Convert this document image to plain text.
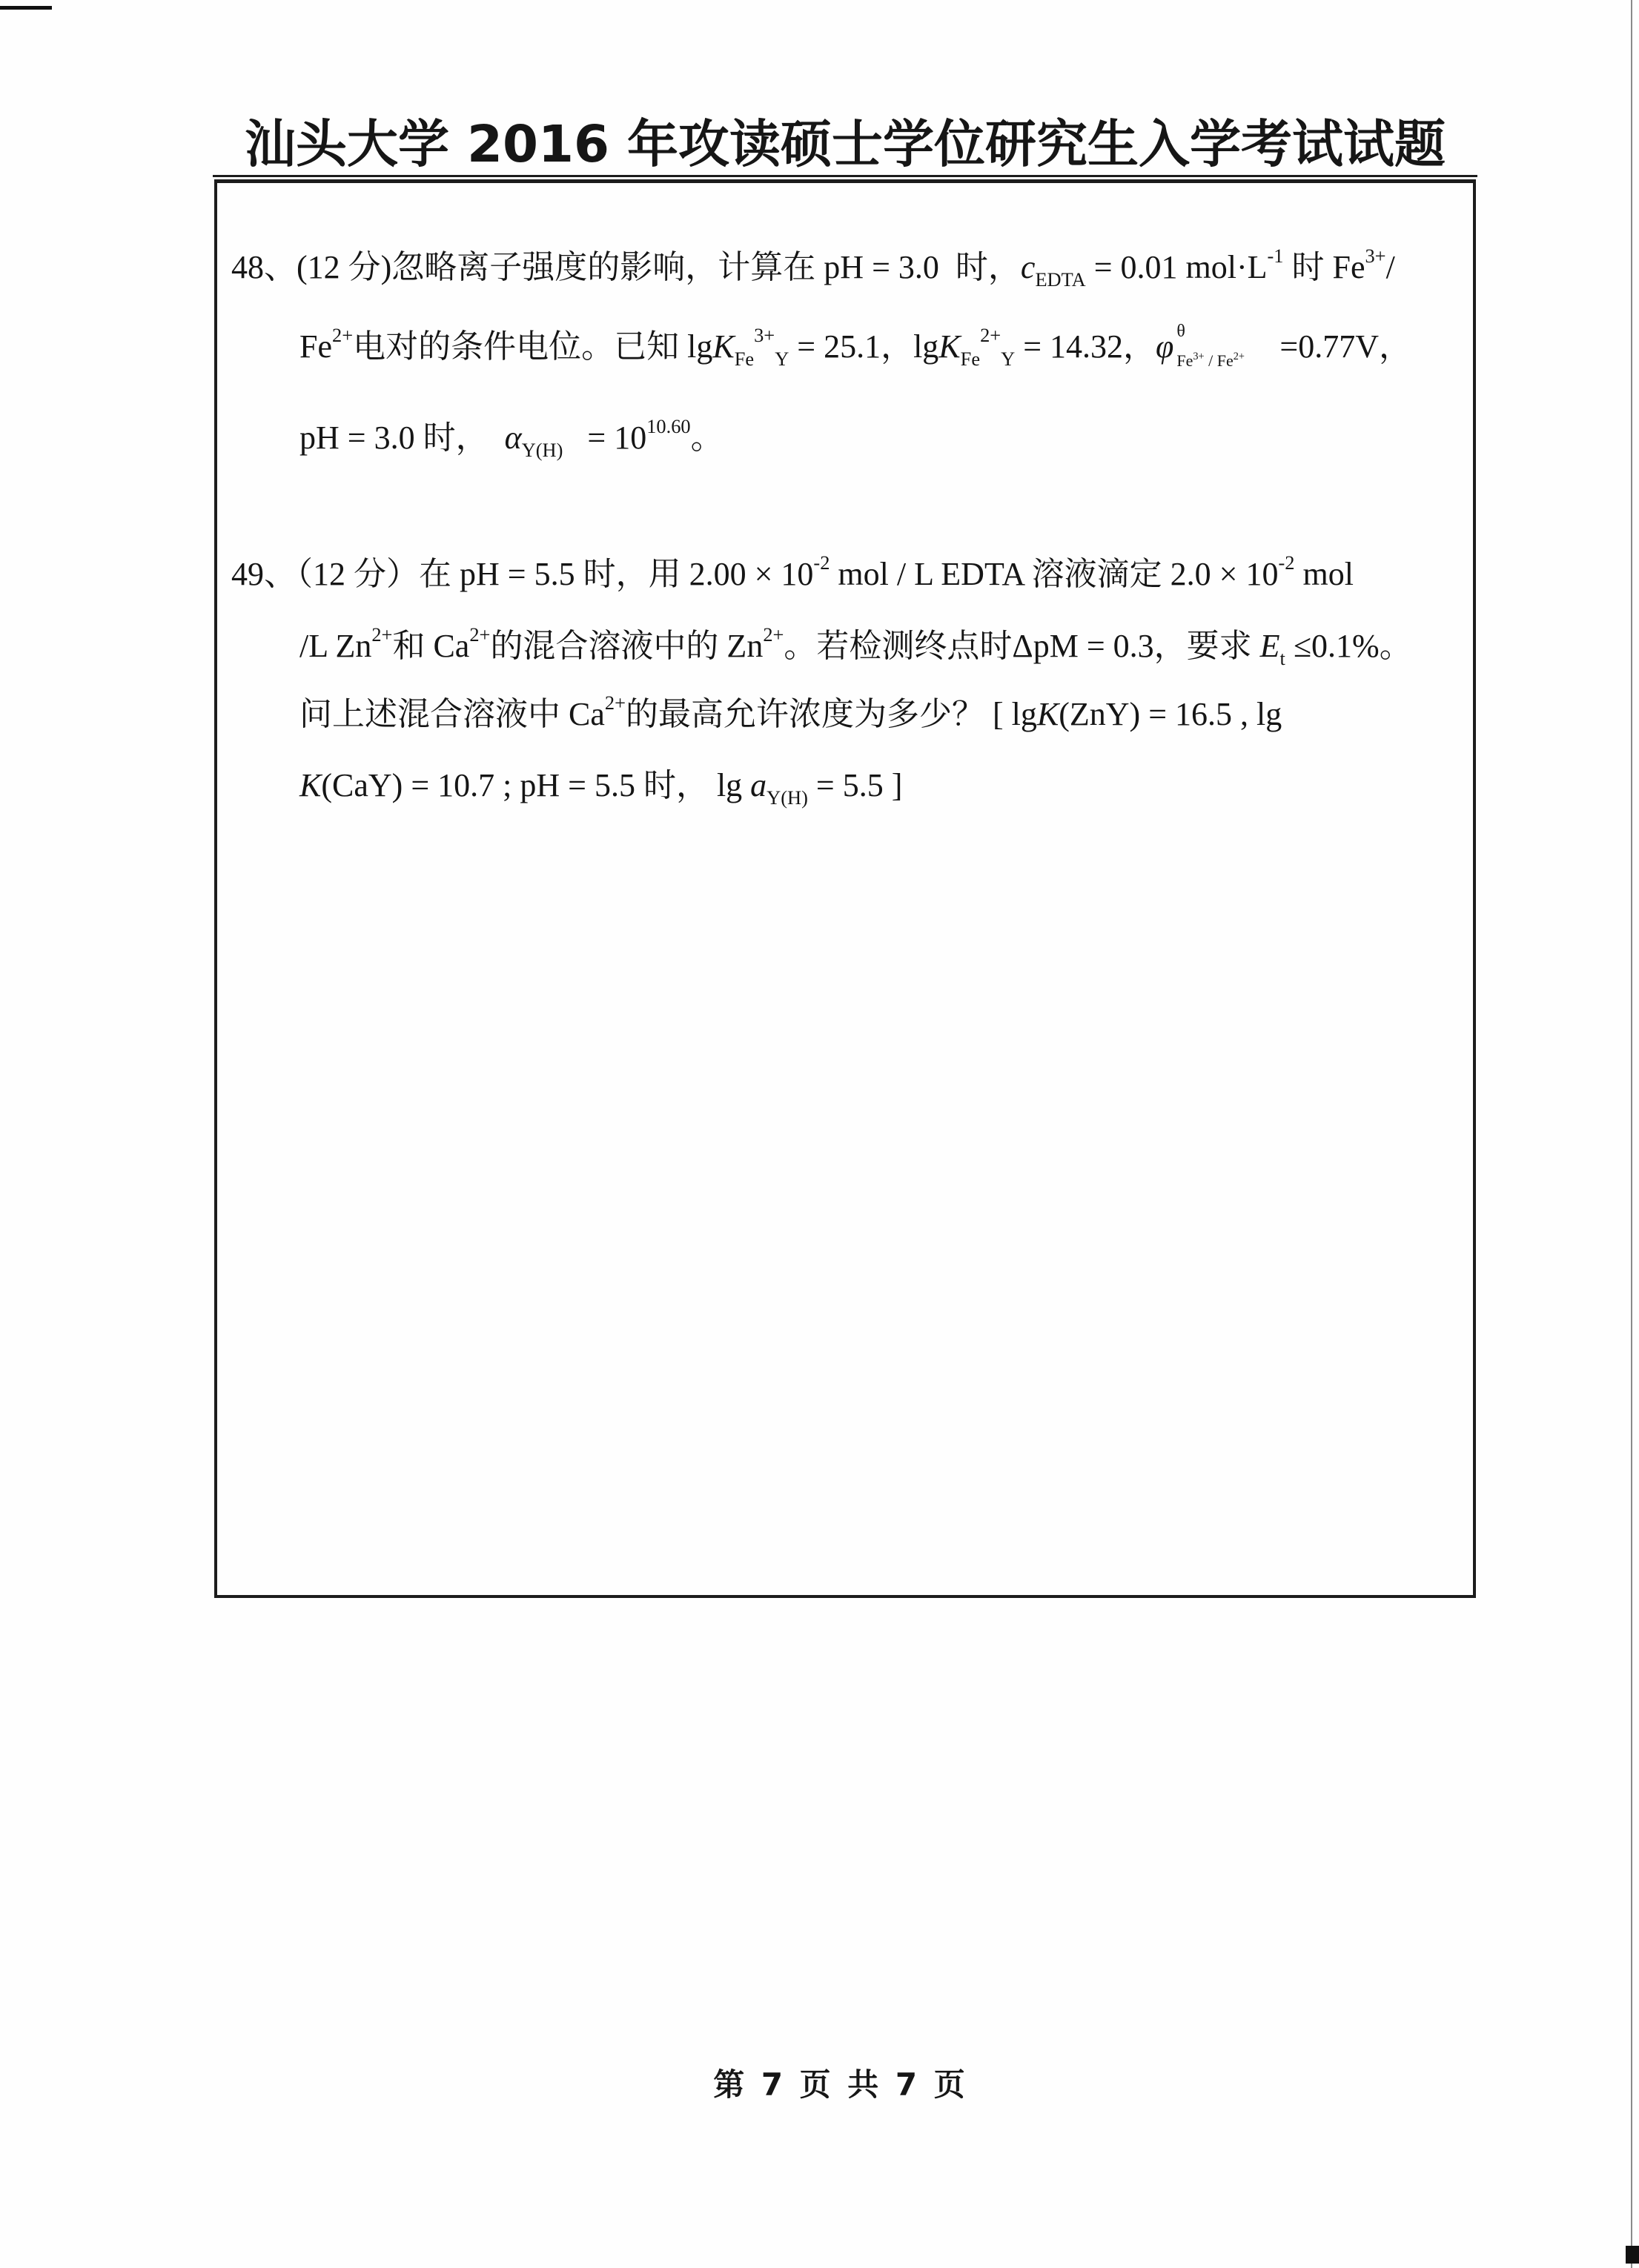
汕头大学 2016 年攻读硕士学位研究生入学考试试题
48、(12 分)忽略离子强度的影响，计算在 pH = 3.0  时，$c_{EDTA} = 0.01$ $mol\cdot L^{-1}$ 时 $Fe^{3+}/$
$Fe^{2+}$电对的条件电位。已知 lgK$_{Fe}^{3+}_Y$ = 25.1，lgK$_{Fe}^{2+}_Y$ = 14.32，φ θ
$Fe^{3+} / Fe^{2+} =0.77V$，
pH = 3.0 时，  $\alpha_{Y(H)} = 10^{10.60}$。
49、（12 分）在 pH = 5.5 时，用 $2.00 \times 10^{-2}$ mol / L EDTA 溶液滴定 $2.0 \times 10^{-2}$ mol
/L $Zn^{2+}$和 $Ca^{2+}$的混合溶液中的 $Zn^{2+}$。若检测终点时ΔpM = 0.3，要求 $E_t \le 0.1\%$。
问上述混合溶液中 $Ca^{2+}$的最高允许浓度为多少？ [ lgK(ZnY) = 16.5 , lg
K(CaY) = 10.7 ; pH = 5.5 时， $\lg a_{Y(H)} = 5.5$ ]
第 7 页 共 7 页
